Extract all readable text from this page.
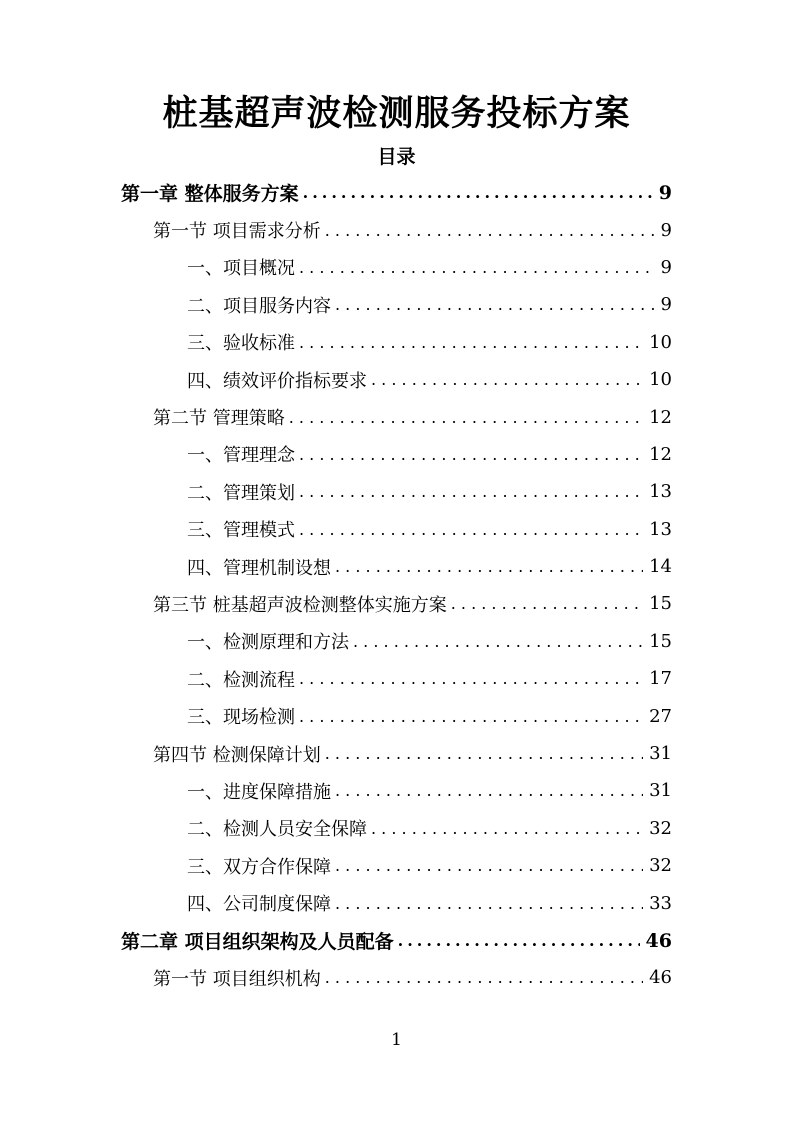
桩基超声波检测服务投标方案
目录
第一章 整体服务方案 .....	9
第一节 项目需求分析 . . .	9
一、项目概况 . . .	9
二、项目服务内容 . . .	9
三、验收标准 . . .	10
四、绩效评价指标要求 . . .	10
第二节 管理策略 . . .	12
一、管理理念 . . .	12
二、管理策划 . . .	13
三、管理模式 . . .	13
四、管理机制设想 . . .	14
第三节 桩基超声波检测整体实施方案 . . .	15
一、检测原理和方法 . . .	15
二、检测流程 . . .	17
三、现场检测 . . .	27
第四节 检测保障计划 . . .	31
一、进度保障措施 . . .	31
二、检测人员安全保障 . . .	32
三、双方合作保障 . . .	32
四、公司制度保障 . . .	33
第二章 项目组织架构及人员配备 .....	46
第一节 项目组织机构 . . .	46
1
